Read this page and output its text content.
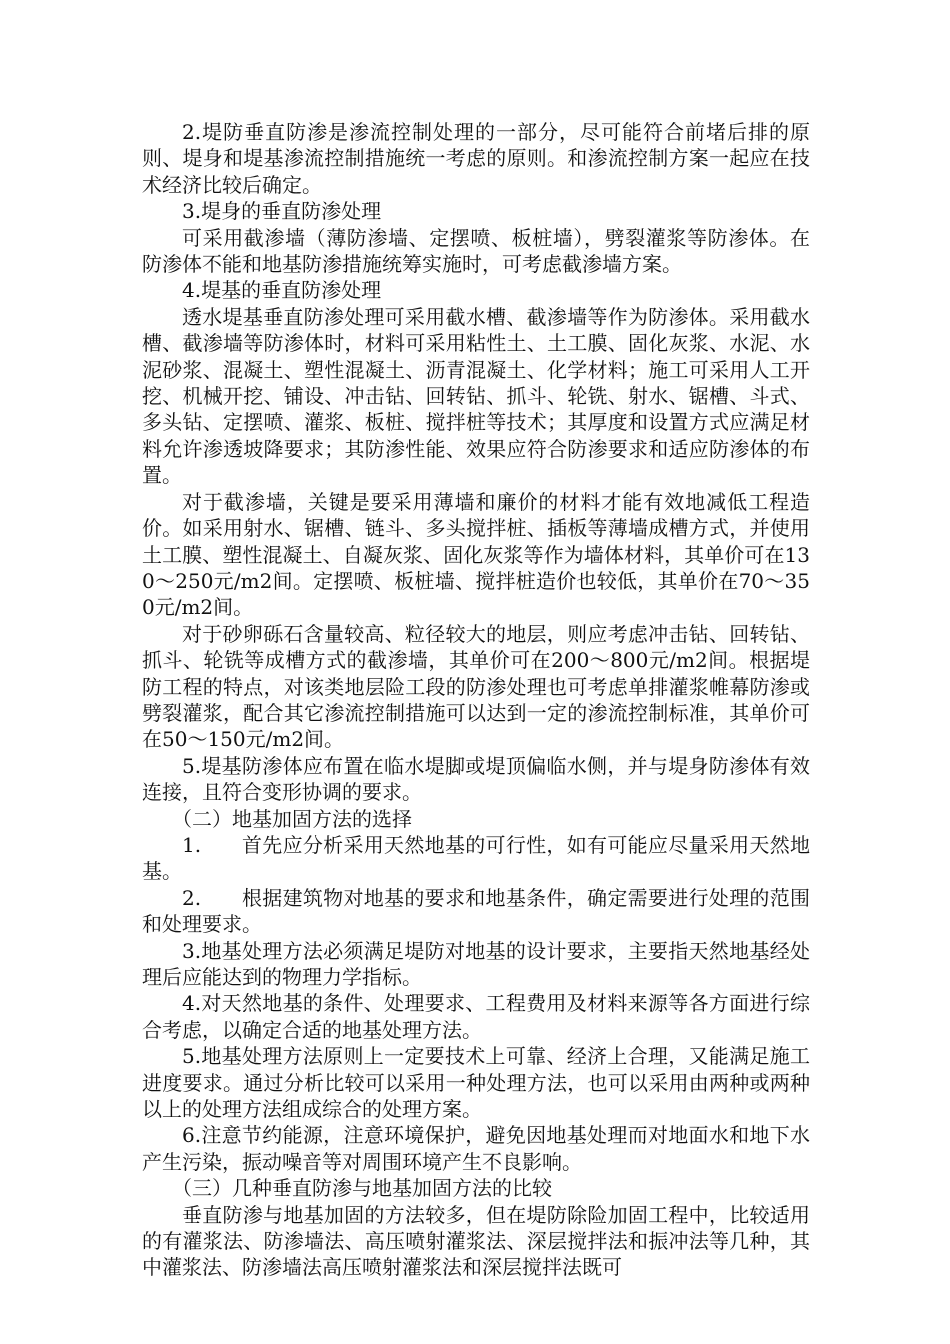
2.堤防垂直防渗是渗流控制处理的一部分，尽可能符合前堵后排的原则、堤身和堤基渗流控制措施统一考虑的原则。和渗流控制方案一起应在技术经济比较后确定。

3.堤身的垂直防渗处理

可采用截渗墙（薄防渗墙、定摆喷、板桩墙），劈裂灌浆等防渗体。在防渗体不能和地基防渗措施统筹实施时，可考虑截渗墙方案。

4.堤基的垂直防渗处理

透水堤基垂直防渗处理可采用截水槽、截渗墙等作为防渗体。采用截水槽、截渗墙等防渗体时，材料可采用粘性土、土工膜、固化灰浆、水泥、水泥砂浆、混凝土、塑性混凝土、沥青混凝土、化学材料；施工可采用人工开挖、机械开挖、铺设、冲击钻、回转钻、抓斗、轮铣、射水、锯槽、斗式、多头钻、定摆喷、灌浆、板桩、搅拌桩等技术；其厚度和设置方式应满足材料允许渗透坡降要求；其防渗性能、效果应符合防渗要求和适应防渗体的布置。

对于截渗墙，关键是要采用薄墙和廉价的材料才能有效地减低工程造价。如采用射水、锯槽、链斗、多头搅拌桩、插板等薄墙成槽方式，并使用土工膜、塑性混凝土、自凝灰浆、固化灰浆等作为墙体材料，其单价可在130～250元/m2间。定摆喷、板桩墙、搅拌桩造价也较低，其单价在70～350元/m2间。

对于砂卵砾石含量较高、粒径较大的地层，则应考虑冲击钻、回转钻、抓斗、轮铣等成槽方式的截渗墙，其单价可在200～800元/m2间。根据堤防工程的特点，对该类地层险工段的防渗处理也可考虑单排灌浆帷幕防渗或劈裂灌浆，配合其它渗流控制措施可以达到一定的渗流控制标准，其单价可在50～150元/m2间。

5.堤基防渗体应布置在临水堤脚或堤顶偏临水侧，并与堤身防渗体有效连接，且符合变形协调的要求。

（二）地基加固方法的选择

1.　　首先应分析采用天然地基的可行性，如有可能应尽量采用天然地基。

2.　　根据建筑物对地基的要求和地基条件，确定需要进行处理的范围和处理要求。

3.地基处理方法必须满足堤防对地基的设计要求，主要指天然地基经处理后应能达到的物理力学指标。

4.对天然地基的条件、处理要求、工程费用及材料来源等各方面进行综合考虑，以确定合适的地基处理方法。

5.地基处理方法原则上一定要技术上可靠、经济上合理，又能满足施工进度要求。通过分析比较可以采用一种处理方法，也可以采用由两种或两种以上的处理方法组成综合的处理方案。

6.注意节约能源，注意环境保护，避免因地基处理而对地面水和地下水产生污染，振动噪音等对周围环境产生不良影响。

（三）几种垂直防渗与地基加固方法的比较

垂直防渗与地基加固的方法较多，但在堤防除险加固工程中，比较适用的有灌浆法、防渗墙法、高压喷射灌浆法、深层搅拌法和振冲法等几种，其中灌浆法、防渗墙法高压喷射灌浆法和深层搅拌法既可
